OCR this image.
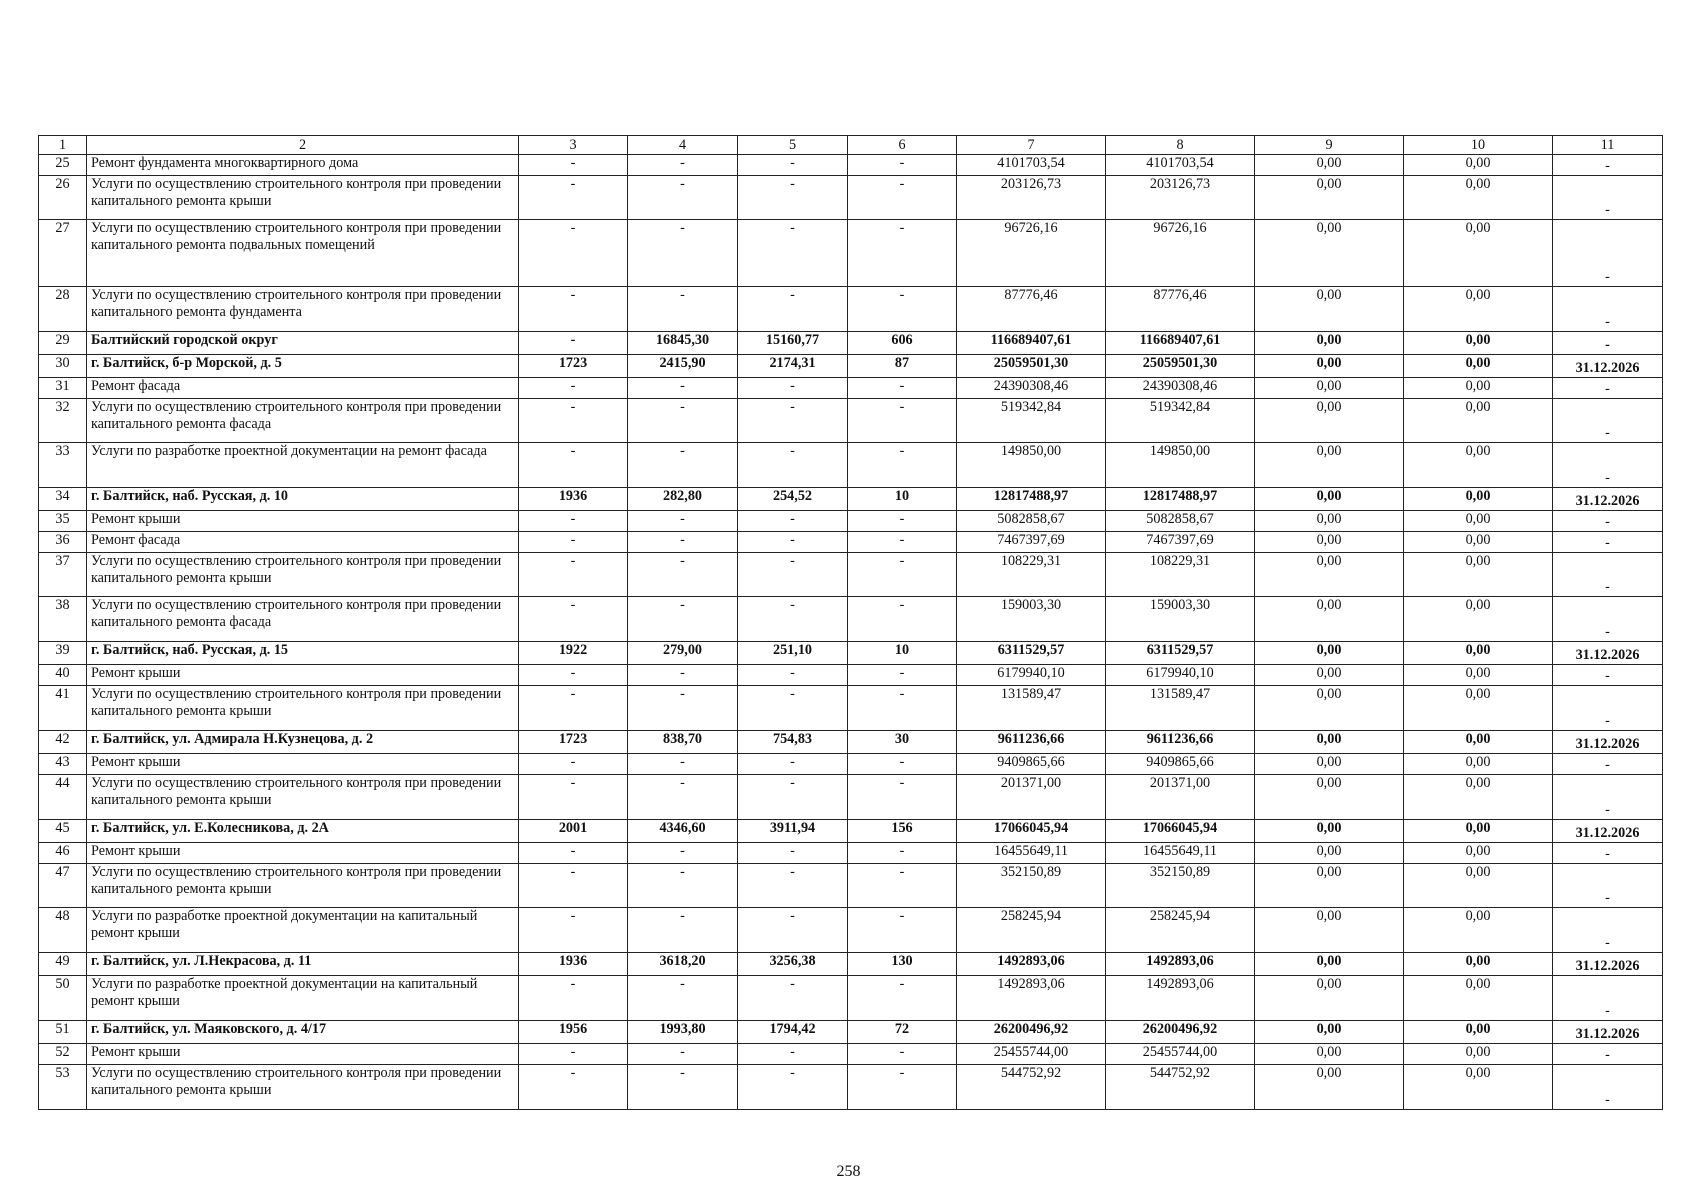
1	2	3	4	5	6	7	8	9	10	11
25	Ремонт фундамента многоквартирного дома	-	-	-	-	4101703,54	4101703,54	0,00	0,00	-
26	Услуги по осуществлению строительного контроля при проведении капитального ремонта крыши	-	-	-	-	203126,73	203126,73	0,00	0,00	-
27	Услуги по осуществлению строительного контроля при проведении капитального ремонта подвальных помещений	-	-	-	-	96726,16	96726,16	0,00	0,00	-
28	Услуги по осуществлению строительного контроля при проведении капитального ремонта фундамента	-	-	-	-	87776,46	87776,46	0,00	0,00	-
29	Балтийский городской округ	-	16845,30	15160,77	606	116689407,61	116689407,61	0,00	0,00	-
30	г. Балтийск, б-р Морской, д. 5	1723	2415,90	2174,31	87	25059501,30	25059501,30	0,00	0,00	31.12.2026
31	Ремонт фасада	-	-	-	-	24390308,46	24390308,46	0,00	0,00	-
32	Услуги по осуществлению строительного контроля при проведении капитального ремонта фасада	-	-	-	-	519342,84	519342,84	0,00	0,00	-
33	Услуги по разработке проектной документации на ремонт фасада	-	-	-	-	149850,00	149850,00	0,00	0,00	-
34	г. Балтийск, наб. Русская, д. 10	1936	282,80	254,52	10	12817488,97	12817488,97	0,00	0,00	31.12.2026
35	Ремонт крыши	-	-	-	-	5082858,67	5082858,67	0,00	0,00	-
36	Ремонт фасада	-	-	-	-	7467397,69	7467397,69	0,00	0,00	-
37	Услуги по осуществлению строительного контроля при проведении капитального ремонта крыши	-	-	-	-	108229,31	108229,31	0,00	0,00	-
38	Услуги по осуществлению строительного контроля при проведении капитального ремонта фасада	-	-	-	-	159003,30	159003,30	0,00	0,00	-
39	г. Балтийск, наб. Русская, д. 15	1922	279,00	251,10	10	6311529,57	6311529,57	0,00	0,00	31.12.2026
40	Ремонт крыши	-	-	-	-	6179940,10	6179940,10	0,00	0,00	-
41	Услуги по осуществлению строительного контроля при проведении капитального ремонта крыши	-	-	-	-	131589,47	131589,47	0,00	0,00	-
42	г. Балтийск, ул. Адмирала Н.Кузнецова, д. 2	1723	838,70	754,83	30	9611236,66	9611236,66	0,00	0,00	31.12.2026
43	Ремонт крыши	-	-	-	-	9409865,66	9409865,66	0,00	0,00	-
44	Услуги по осуществлению строительного контроля при проведении капитального ремонта крыши	-	-	-	-	201371,00	201371,00	0,00	0,00	-
45	г. Балтийск, ул. Е.Колесникова, д. 2А	2001	4346,60	3911,94	156	17066045,94	17066045,94	0,00	0,00	31.12.2026
46	Ремонт крыши	-	-	-	-	16455649,11	16455649,11	0,00	0,00	-
47	Услуги по осуществлению строительного контроля при проведении капитального ремонта крыши	-	-	-	-	352150,89	352150,89	0,00	0,00	-
48	Услуги по разработке проектной документации на капитальный ремонт крыши	-	-	-	-	258245,94	258245,94	0,00	0,00	-
49	г. Балтийск, ул. Л.Некрасова, д. 11	1936	3618,20	3256,38	130	1492893,06	1492893,06	0,00	0,00	31.12.2026
50	Услуги по разработке проектной документации на капитальный ремонт крыши	-	-	-	-	1492893,06	1492893,06	0,00	0,00	-
51	г. Балтийск, ул. Маяковского, д. 4/17	1956	1993,80	1794,42	72	26200496,92	26200496,92	0,00	0,00	31.12.2026
52	Ремонт крыши	-	-	-	-	25455744,00	25455744,00	0,00	0,00	-
53	Услуги по осуществлению строительного контроля при проведении капитального ремонта крыши	-	-	-	-	544752,92	544752,92	0,00	0,00	-
258
